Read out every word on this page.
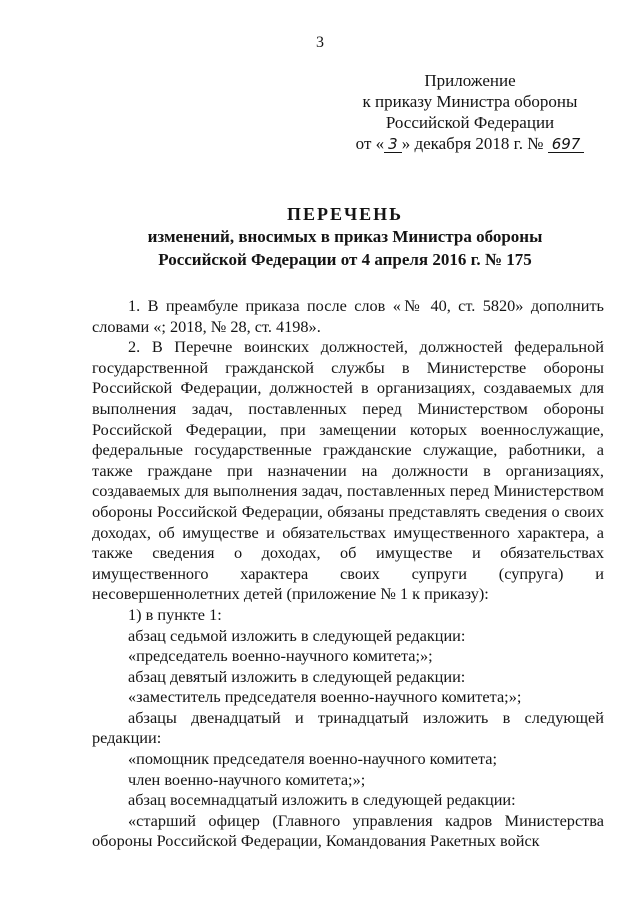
3
Приложение
к приказу Министра обороны
Российской Федерации
от « 3 » декабря 2018 г. № 697
ПЕРЕЧЕНЬ
изменений, вносимых в приказ Министра обороны
Российской Федерации от 4 апреля 2016 г. № 175

1. В преамбуле приказа после слов «№ 40, ст. 5820» дополнить словами «; 2018, № 28, ст. 4198».

2. В Перечне воинских должностей, должностей федеральной государственной гражданской службы в Министерстве обороны Российской Федерации, должностей в организациях, создаваемых для выполнения задач, поставленных перед Министерством обороны Российской Федерации, при замещении которых военнослужащие, федеральные государственные гражданские служащие, работники, а также граждане при назначении на должности в организациях, создаваемых для выполнения задач, поставленных перед Министерством обороны Российской Федерации, обязаны представлять сведения о своих доходах, об имуществе и обязательствах имущественного характера, а также сведения о доходах, об имуществе и обязательствах имущественного характера своих супруги (супруга) и несовершеннолетних детей (приложение № 1 к приказу):

1) в пункте 1:

абзац седьмой изложить в следующей редакции:

«председатель военно-научного комитета;»;

абзац девятый изложить в следующей редакции:

«заместитель председателя военно-научного комитета;»;

абзацы двенадцатый и тринадцатый изложить в следующей редакции:

«помощник председателя военно-научного комитета;

член военно-научного комитета;»;

абзац восемнадцатый изложить в следующей редакции:

«старший офицер (Главного управления кадров Министерства обороны Российской Федерации, Командования Ракетных войск
